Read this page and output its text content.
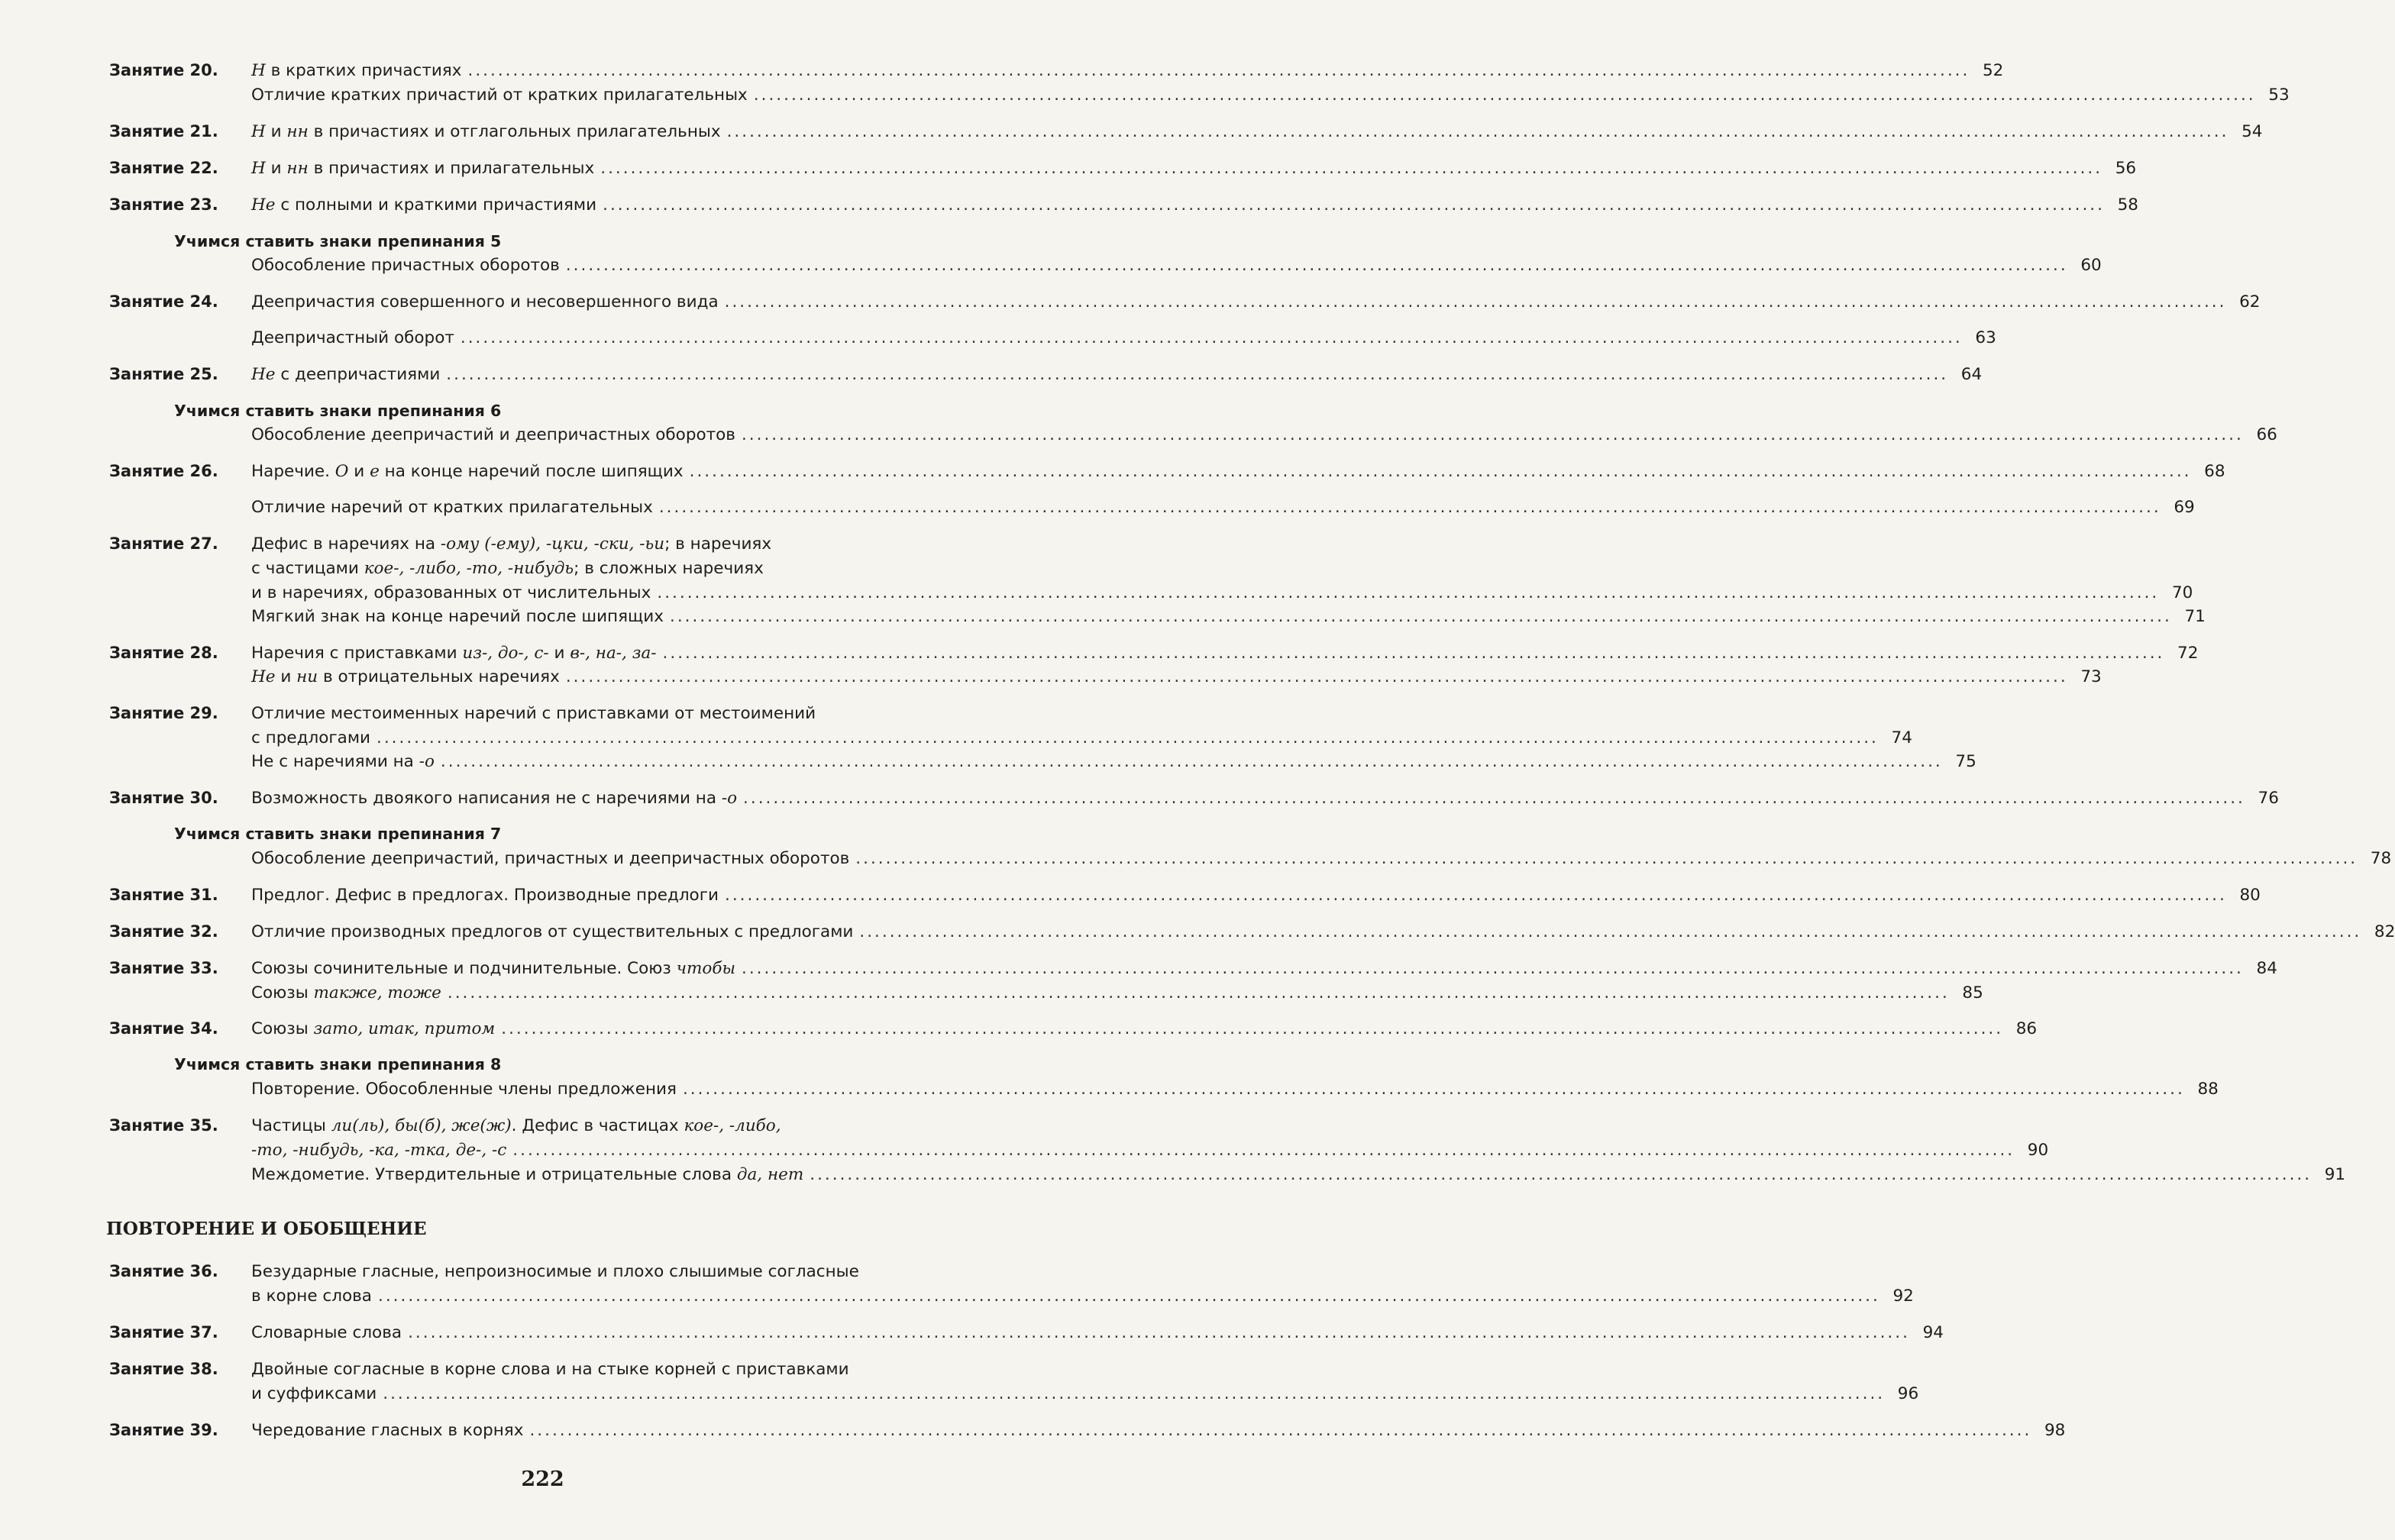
Занятие 20. Н в кратких причастиях ........................................................................................................................................................................................................ 52
Отличие кратких причастий от кратких прилагательных ........................................................................................................................................................................................................ 53
Занятие 21. Н и нн в причастиях и отглагольных прилагательных ........................................................................................................................................................................................................ 54
Занятие 22. Н и нн в причастиях и прилагательных ........................................................................................................................................................................................................ 56
Занятие 23. Не с полными и краткими причастиями ........................................................................................................................................................................................................ 58
Учимся ставить знаки препинания 5
Обособление причастных оборотов ........................................................................................................................................................................................................ 60
Занятие 24. Деепричастия совершенного и несовершенного вида ........................................................................................................................................................................................................ 62
Деепричастный оборот ........................................................................................................................................................................................................ 63
Занятие 25. Не с деепричастиями ........................................................................................................................................................................................................ 64
Учимся ставить знаки препинания 6
Обособление деепричастий и деепричастных оборотов ........................................................................................................................................................................................................ 66
Занятие 26. Наречие. О и е на конце наречий после шипящих ........................................................................................................................................................................................................ 68
Отличие наречий от кратких прилагательных ........................................................................................................................................................................................................ 69
Занятие 27. Дефис в наречиях на -ому (-ему), -цки, -ски, -ьи; в наречиях
с частицами кое-, -либо, -то, -нибудь; в сложных наречиях
и в наречиях, образованных от числительных ........................................................................................................................................................................................................ 70
Мягкий знак на конце наречий после шипящих ........................................................................................................................................................................................................ 71
Занятие 28. Наречия с приставками из-, до-, с- и в-, на-, за- ........................................................................................................................................................................................................ 72
Не и ни в отрицательных наречиях ........................................................................................................................................................................................................ 73
Занятие 29. Отличие местоименных наречий с приставками от местоимений
с предлогами ........................................................................................................................................................................................................ 74
Не с наречиями на -о ........................................................................................................................................................................................................ 75
Занятие 30. Возможность двоякого написания не с наречиями на -о ........................................................................................................................................................................................................ 76
Учимся ставить знаки препинания 7
Обособление деепричастий, причастных и деепричастных оборотов ........................................................................................................................................................................................................ 78
Занятие 31. Предлог. Дефис в предлогах. Производные предлоги ........................................................................................................................................................................................................ 80
Занятие 32. Отличие производных предлогов от существительных с предлогами ........................................................................................................................................................................................................ 82
Занятие 33. Союзы сочинительные и подчинительные. Союз чтобы ........................................................................................................................................................................................................ 84
Союзы также, тоже ........................................................................................................................................................................................................ 85
Занятие 34. Союзы зато, итак, притом ........................................................................................................................................................................................................ 86
Учимся ставить знаки препинания 8
Повторение. Обособленные члены предложения ........................................................................................................................................................................................................ 88
Занятие 35. Частицы ли(ль), бы(б), же(ж). Дефис в частицах кое-, -либо,
-то, -нибудь, -ка, -тка, де-, -с ........................................................................................................................................................................................................ 90
Междометие. Утвердительные и отрицательные слова да, нет ........................................................................................................................................................................................................ 91
ПОВТОРЕНИЕ И ОБОБЩЕНИЕ
Занятие 36. Безударные гласные, непроизносимые и плохо слышимые согласные
в корне слова ........................................................................................................................................................................................................ 92
Занятие 37. Словарные слова ........................................................................................................................................................................................................ 94
Занятие 38. Двойные согласные в корне слова и на стыке корней с приставками
и суффиксами ........................................................................................................................................................................................................ 96
Занятие 39. Чередование гласных в корнях ........................................................................................................................................................................................................ 98
222
